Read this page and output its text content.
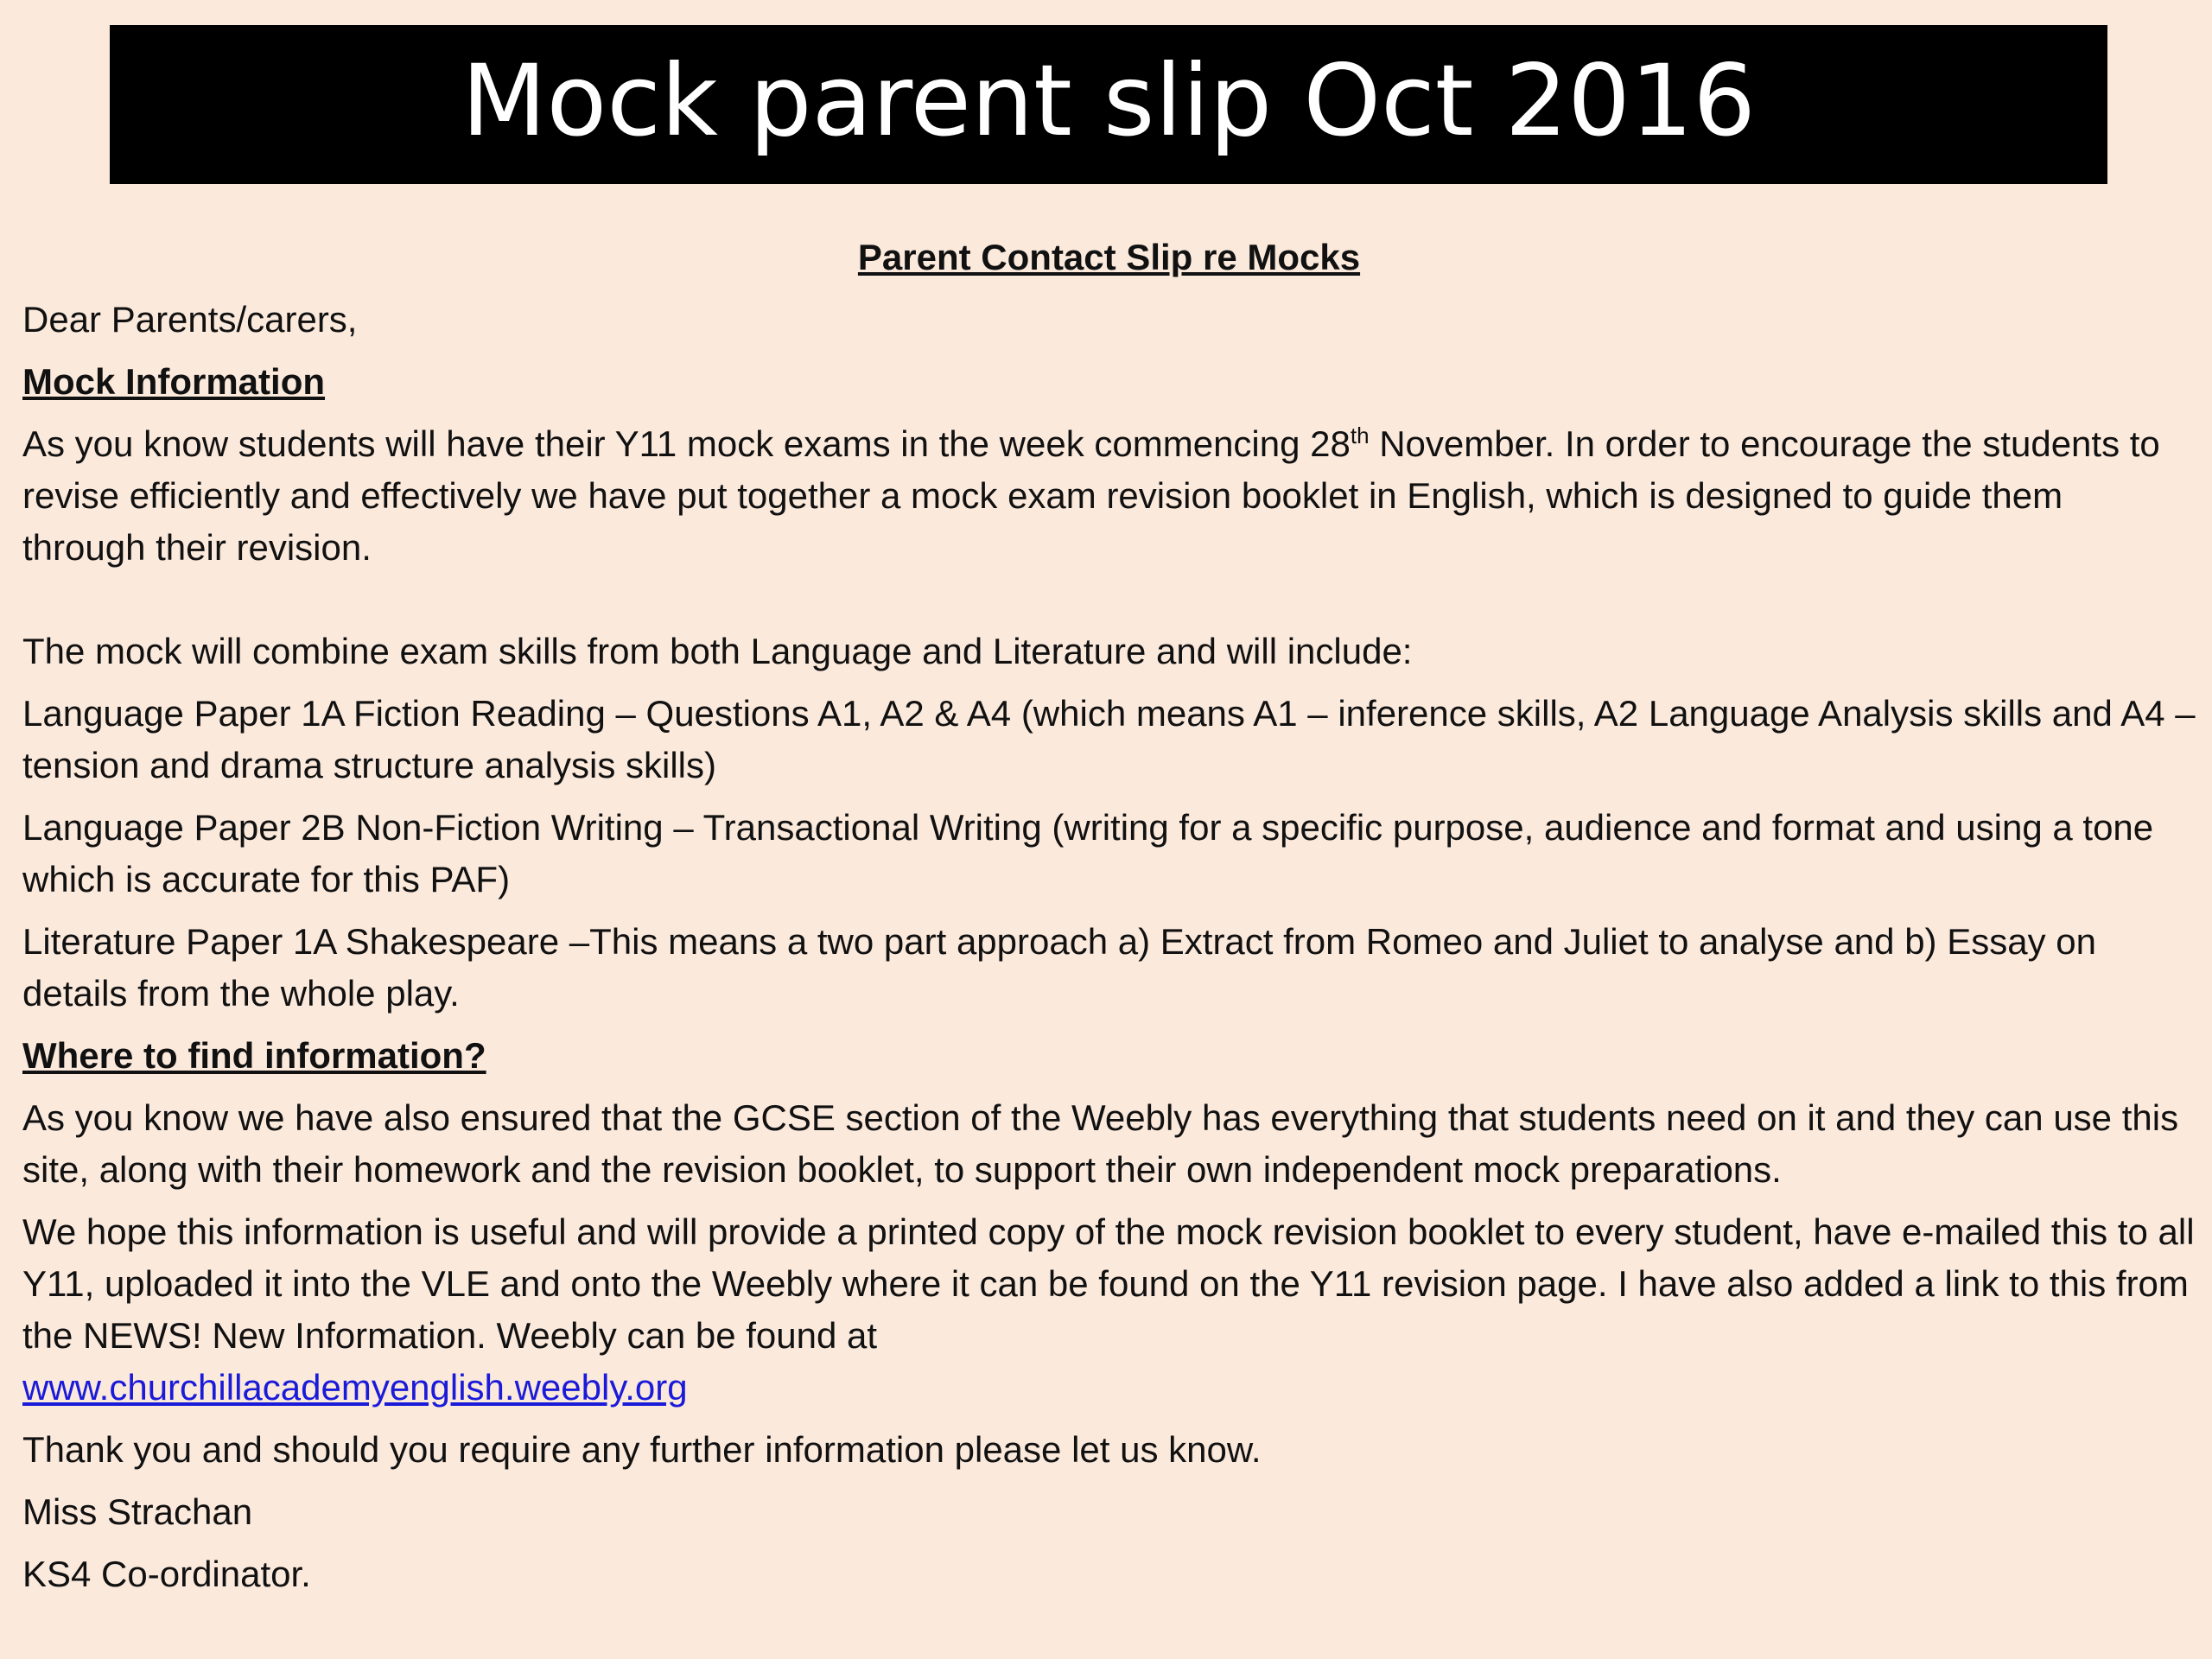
Mock parent slip Oct 2016

Parent Contact Slip re Mocks

Dear Parents/carers,

Mock Information

As you know students will have their Y11 mock exams in the week commencing 28th November. In order to encourage the students to revise efficiently and effectively we have put together a mock exam revision booklet in English, which is designed to guide them through their revision.

The mock will combine exam skills from both Language and Literature and will include:

Language Paper 1A Fiction Reading – Questions A1, A2 & A4 (which means A1 – inference skills, A2 Language Analysis skills and A4 – tension and drama structure analysis skills)

Language Paper 2B Non-Fiction Writing – Transactional Writing (writing for a specific purpose, audience and format and using a tone which is accurate for this PAF)

Literature Paper 1A Shakespeare –This means a two part approach a) Extract from Romeo and Juliet to analyse and b) Essay on details from the whole play.

Where to find information?

As you know we have also ensured that the GCSE section of the Weebly has everything that students need on it and they can use this site, along with their homework and the revision booklet, to support their own independent mock preparations.

We hope this information is useful and will provide a printed copy of the mock revision booklet to every student, have e-mailed this to all Y11, uploaded it into the VLE and onto the Weebly where it can be found on the Y11 revision page. I have also added a link to this from the NEWS! New Information. Weebly can be found at
www.churchillacademyenglish.weebly.org

Thank you and should you require any further information please let us know.

Miss Strachan

KS4 Co-ordinator.
